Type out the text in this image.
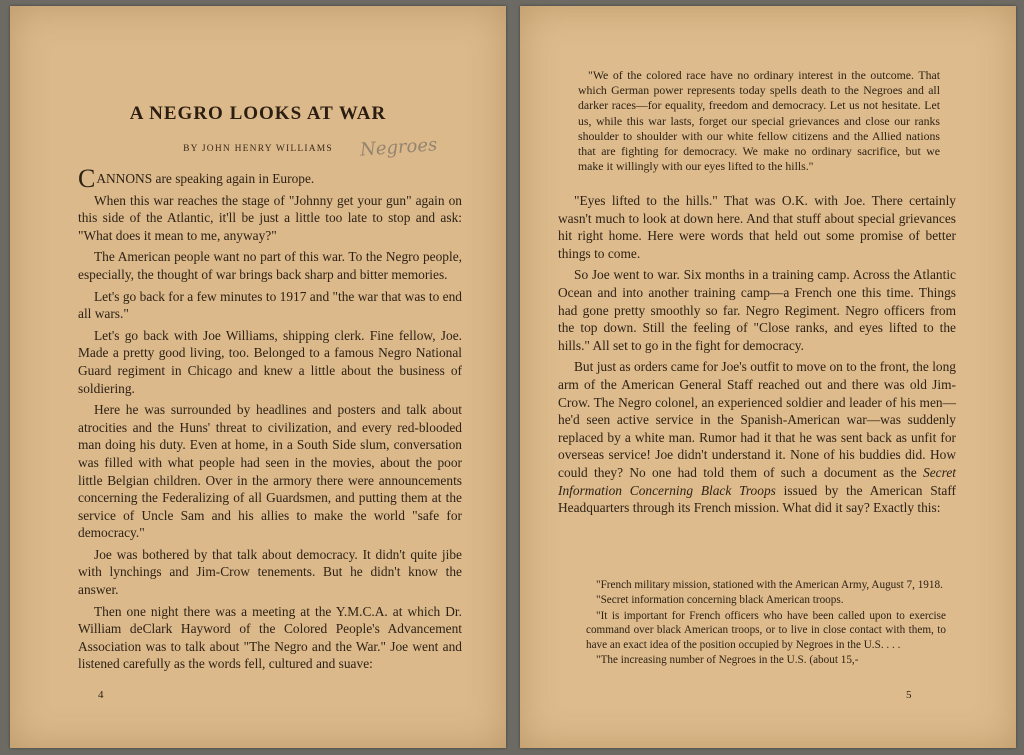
A NEGRO LOOKS AT WAR
BY JOHN HENRY WILLIAMS	Negroes

CANNONS are speaking again in Europe.

When this war reaches the stage of "Johnny get your gun" again on this side of the Atlantic, it'll be just a little too late to stop and ask: "What does it mean to me, anyway?"

The American people want no part of this war. To the Negro people, especially, the thought of war brings back sharp and bitter memories.

Let's go back for a few minutes to 1917 and "the war that was to end all wars."

Let's go back with Joe Williams, shipping clerk. Fine fellow, Joe. Made a pretty good living, too. Belonged to a famous Negro National Guard regiment in Chicago and knew a little about the business of soldiering.

Here he was surrounded by headlines and posters and talk about atrocities and the Huns' threat to civilization, and every red-blooded man doing his duty. Even at home, in a South Side slum, conversation was filled with what people had seen in the movies, about the poor little Belgian children. Over in the armory there were announcements concerning the Federalizing of all Guardsmen, and putting them at the service of Uncle Sam and his allies to make the world "safe for democracy."

Joe was bothered by that talk about democracy. It didn't quite jibe with lynchings and Jim-Crow tenements. But he didn't know the answer.

Then one night there was a meeting at the Y.M.C.A. at which Dr. William deClark Hayword of the Colored People's Advancement Association was to talk about "The Negro and the War." Joe went and listened carefully as the words fell, cultured and suave:

4

"We of the colored race have no ordinary interest in the outcome. That which German power represents today spells death to the Negroes and all darker races—for equality, freedom and democracy. Let us not hesitate. Let us, while this war lasts, forget our special grievances and close our ranks shoulder to shoulder with our white fellow citizens and the Allied nations that are fighting for democracy. We make no ordinary sacrifice, but we make it willingly with our eyes lifted to the hills."

"Eyes lifted to the hills." That was O.K. with Joe. There certainly wasn't much to look at down here. And that stuff about special grievances hit right home. Here were words that held out some promise of better things to come.

So Joe went to war. Six months in a training camp. Across the Atlantic Ocean and into another training camp—a French one this time. Things had gone pretty smoothly so far. Negro Regiment. Negro officers from the top down. Still the feeling of "Close ranks, and eyes lifted to the hills." All set to go in the fight for democracy.

But just as orders came for Joe's outfit to move on to the front, the long arm of the American General Staff reached out and there was old Jim-Crow. The Negro colonel, an experienced soldier and leader of his men—he'd seen active service in the Spanish-American war—was suddenly replaced by a white man. Rumor had it that he was sent back as unfit for overseas service! Joe didn't understand it. None of his buddies did. How could they? No one had told them of such a document as the Secret Information Concerning Black Troops issued by the American Staff Headquarters through its French mission. What did it say? Exactly this:

"French military mission, stationed with the American Army, August 7, 1918.

"Secret information concerning black American troops.

"It is important for French officers who have been called upon to exercise command over black American troops, or to live in close contact with them, to have an exact idea of the position occupied by Negroes in the U.S. . . .

"The increasing number of Negroes in the U.S. (about 15,-

5
